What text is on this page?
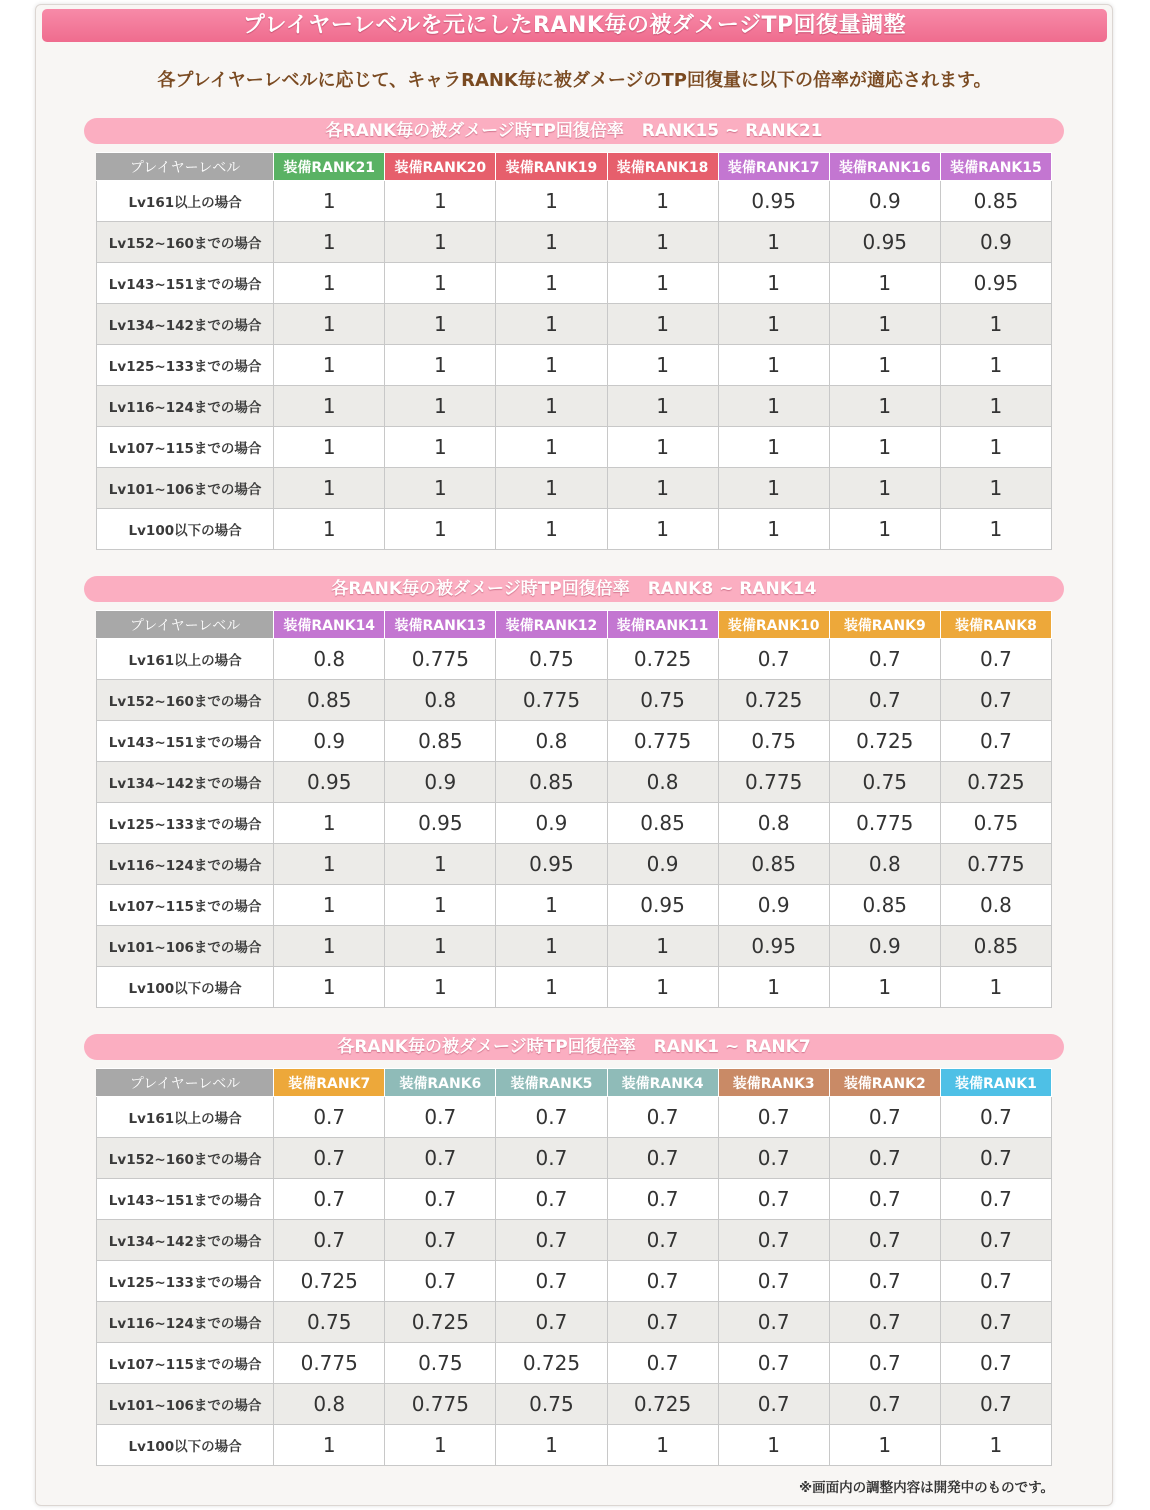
プレイヤーレベルを元にしたRANK毎の被ダメージTP回復量調整
各プレイヤーレベルに応じて、キャラRANK毎に被ダメージのTP回復量に以下の倍率が適応されます。
各RANK毎の被ダメージ時TP回復倍率 RANK15 ~ RANK21
プレイヤーレベル	装備RANK21	装備RANK20	装備RANK19	装備RANK18	装備RANK17	装備RANK16	装備RANK15
Lv161以上の場合	1	1	1	1	0.95	0.9	0.85
Lv152~160までの場合	1	1	1	1	1	0.95	0.9
Lv143~151までの場合	1	1	1	1	1	1	0.95
Lv134~142までの場合	1	1	1	1	1	1	1
Lv125~133までの場合	1	1	1	1	1	1	1
Lv116~124までの場合	1	1	1	1	1	1	1
Lv107~115までの場合	1	1	1	1	1	1	1
Lv101~106までの場合	1	1	1	1	1	1	1
Lv100以下の場合	1	1	1	1	1	1	1
各RANK毎の被ダメージ時TP回復倍率 RANK8 ~ RANK14
プレイヤーレベル	装備RANK14	装備RANK13	装備RANK12	装備RANK11	装備RANK10	装備RANK9	装備RANK8
Lv161以上の場合	0.8	0.775	0.75	0.725	0.7	0.7	0.7
Lv152~160までの場合	0.85	0.8	0.775	0.75	0.725	0.7	0.7
Lv143~151までの場合	0.9	0.85	0.8	0.775	0.75	0.725	0.7
Lv134~142までの場合	0.95	0.9	0.85	0.8	0.775	0.75	0.725
Lv125~133までの場合	1	0.95	0.9	0.85	0.8	0.775	0.75
Lv116~124までの場合	1	1	0.95	0.9	0.85	0.8	0.775
Lv107~115までの場合	1	1	1	0.95	0.9	0.85	0.8
Lv101~106までの場合	1	1	1	1	0.95	0.9	0.85
Lv100以下の場合	1	1	1	1	1	1	1
各RANK毎の被ダメージ時TP回復倍率 RANK1 ~ RANK7
プレイヤーレベル	装備RANK7	装備RANK6	装備RANK5	装備RANK4	装備RANK3	装備RANK2	装備RANK1
Lv161以上の場合	0.7	0.7	0.7	0.7	0.7	0.7	0.7
Lv152~160までの場合	0.7	0.7	0.7	0.7	0.7	0.7	0.7
Lv143~151までの場合	0.7	0.7	0.7	0.7	0.7	0.7	0.7
Lv134~142までの場合	0.7	0.7	0.7	0.7	0.7	0.7	0.7
Lv125~133までの場合	0.725	0.7	0.7	0.7	0.7	0.7	0.7
Lv116~124までの場合	0.75	0.725	0.7	0.7	0.7	0.7	0.7
Lv107~115までの場合	0.775	0.75	0.725	0.7	0.7	0.7	0.7
Lv101~106までの場合	0.8	0.775	0.75	0.725	0.7	0.7	0.7
Lv100以下の場合	1	1	1	1	1	1	1
※画面内の調整内容は開発中のものです。
